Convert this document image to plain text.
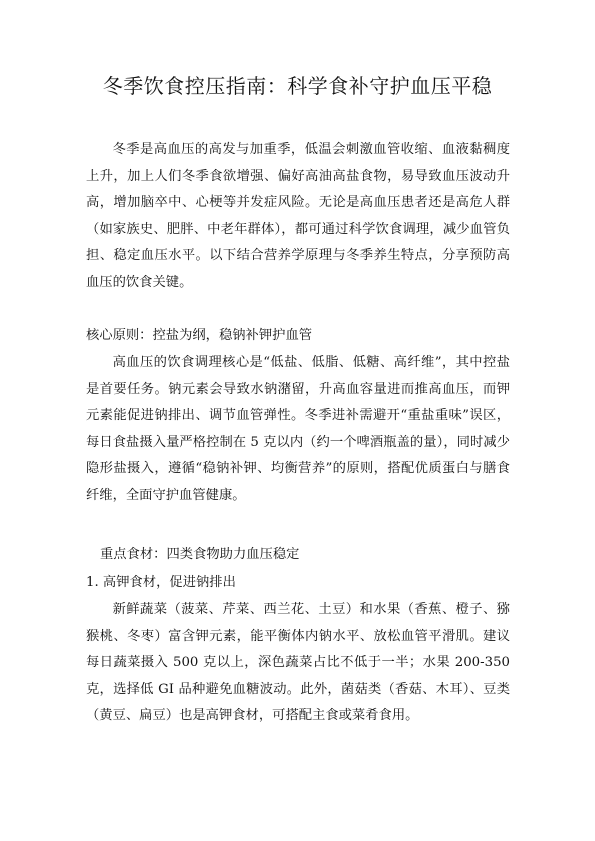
冬季饮食控压指南：科学食补守护血压平稳

冬季是高血压的高发与加重季，低温会刺激血管收缩、血液黏稠度上升，加上人们冬季食欲增强、偏好高油高盐食物，易导致血压波动升高，增加脑卒中、心梗等并发症风险。无论是高血压患者还是高危人群（如家族史、肥胖、中老年群体），都可通过科学饮食调理，减少血管负担、稳定血压水平。以下结合营养学原理与冬季养生特点，分享预防高血压的饮食关键。

核心原则：控盐为纲，稳钠补钾护血管

高血压的饮食调理核心是“低盐、低脂、低糖、高纤维”，其中控盐是首要任务。钠元素会导致水钠潴留，升高血容量进而推高血压，而钾元素能促进钠排出、调节血管弹性。冬季进补需避开“重盐重味”误区，每日食盐摄入量严格控制在 5 克以内（约一个啤酒瓶盖的量），同时减少隐形盐摄入，遵循“稳钠补钾、均衡营养”的原则，搭配优质蛋白与膳食纤维，全面守护血管健康。

重点食材：四类食物助力血压稳定
1. 高钾食材，促进钠排出

新鲜蔬菜（菠菜、芹菜、西兰花、土豆）和水果（香蕉、橙子、猕猴桃、冬枣）富含钾元素，能平衡体内钠水平、放松血管平滑肌。建议每日蔬菜摄入 500 克以上，深色蔬菜占比不低于一半；水果 200-350 克，选择低 GI 品种避免血糖波动。此外，菌菇类（香菇、木耳）、豆类（黄豆、扁豆）也是高钾食材，可搭配主食或菜肴食用。
